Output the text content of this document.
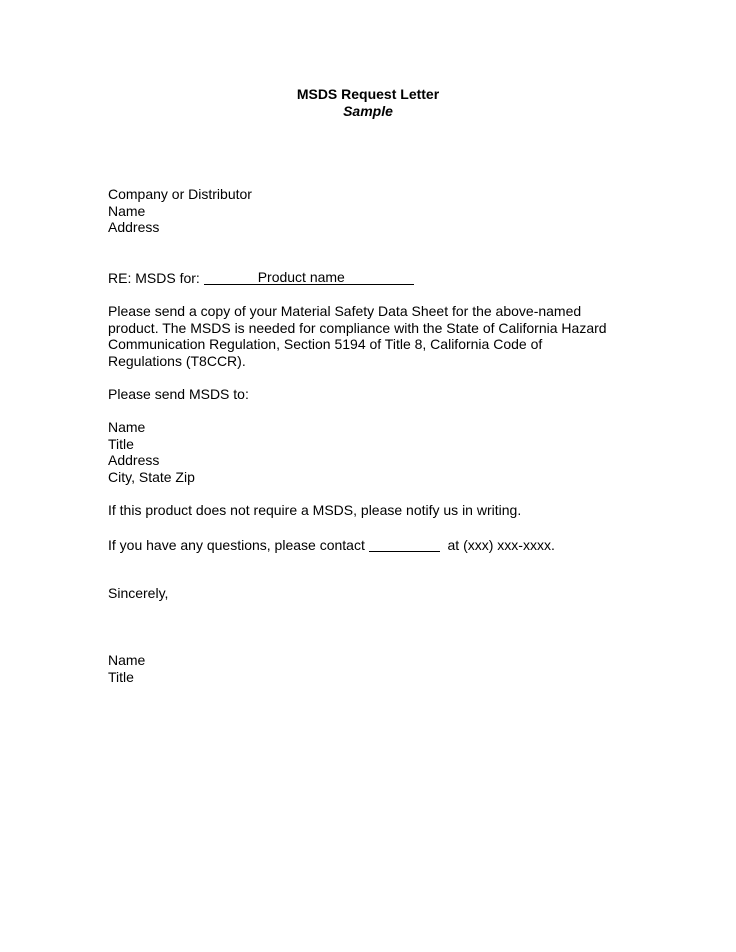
MSDS Request Letter
Sample
Company or Distributor
Name
Address
RE: MSDS for:	Product name
Please send a copy of your Material Safety Data Sheet for the above-named
product. The MSDS is needed for compliance with the State of California Hazard
Communication Regulation, Section 5194 of Title 8, California Code of
Regulations (T8CCR).
Please send MSDS to:
Name
Title
Address
City, State Zip
If this product does not require a MSDS, please notify us in writing.
If you have any questions, please contact	at (xxx) xxx-xxxx.
Sincerely,
Name
Title
